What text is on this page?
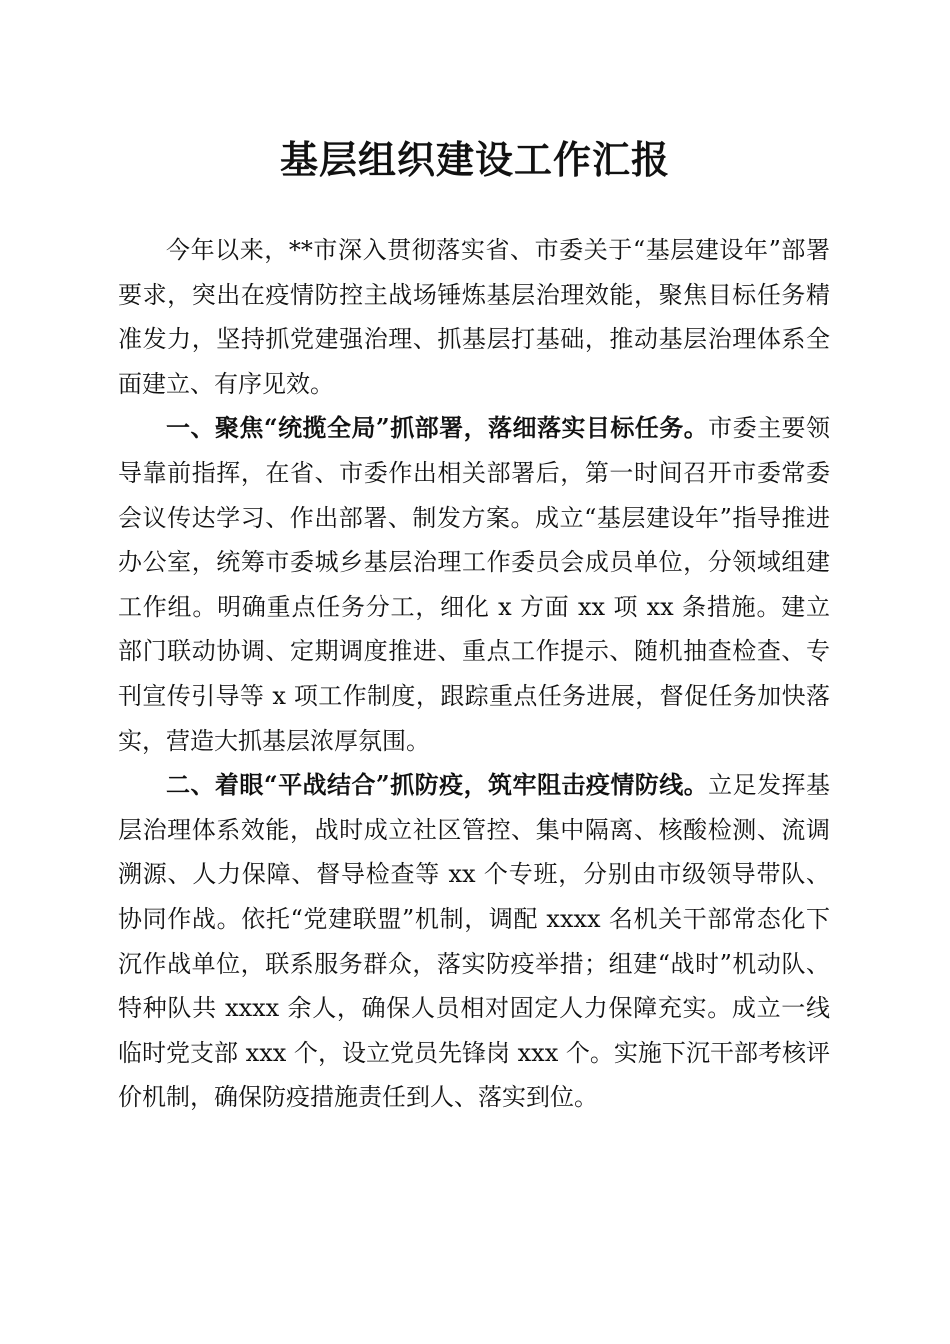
基层组织建设工作汇报

今年以来，**市深入贯彻落实省、市委关于“基层建设年”部署要求，突出在疫情防控主战场锤炼基层治理效能，聚焦目标任务精准发力，坚持抓党建强治理、抓基层打基础，推动基层治理体系全面建立、有序见效。

一、聚焦“统揽全局”抓部署，落细落实目标任务。市委主要领导靠前指挥，在省、市委作出相关部署后，第一时间召开市委常委会议传达学习、作出部署、制发方案。成立“基层建设年”指导推进办公室，统筹市委城乡基层治理工作委员会成员单位，分领域组建工作组。明确重点任务分工，细化 x 方面 xx 项 xx 条措施。建立部门联动协调、定期调度推进、重点工作提示、随机抽查检查、专刊宣传引导等 x 项工作制度，跟踪重点任务进展，督促任务加快落实，营造大抓基层浓厚氛围。

二、着眼“平战结合”抓防疫，筑牢阻击疫情防线。立足发挥基层治理体系效能，战时成立社区管控、集中隔离、核酸检测、流调溯源、人力保障、督导检查等 xx 个专班，分别由市级领导带队、协同作战。依托“党建联盟”机制，调配 xxxx 名机关干部常态化下沉作战单位，联系服务群众，落实防疫举措；组建“战时”机动队、特种队共 xxxx 余人，确保人员相对固定人力保障充实。成立一线临时党支部 xxx 个，设立党员先锋岗 xxx 个。实施下沉干部考核评价机制，确保防疫措施责任到人、落实到位。
